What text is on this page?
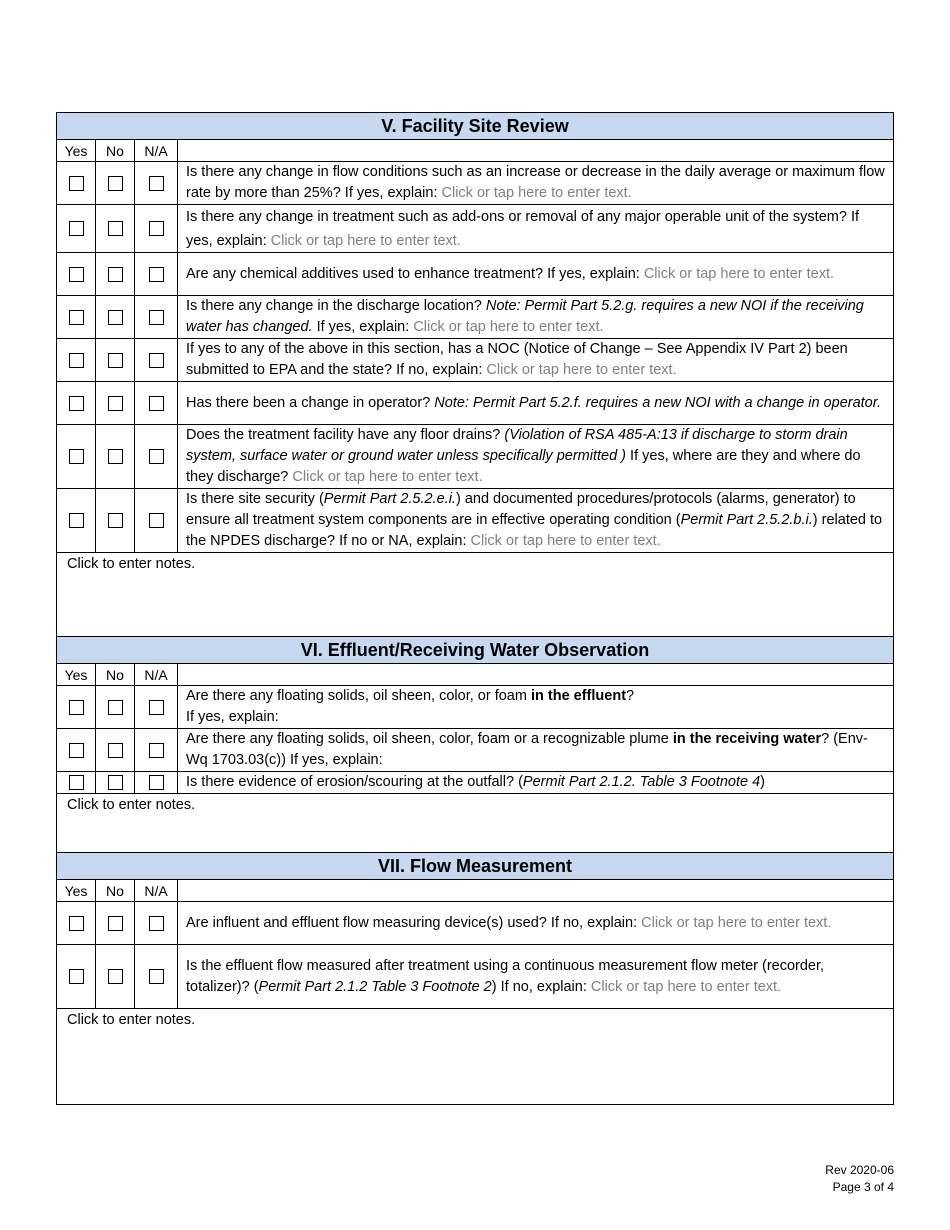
V. Facility Site Review
Yes	No	N/A
Is there any change in flow conditions such as an increase or decrease in the daily average or maximum flow rate by more than 25%? If yes, explain: Click or tap here to enter text.
Is there any change in treatment such as add-ons or removal of any major operable unit of the system? If yes, explain: Click or tap here to enter text.
Are any chemical additives used to enhance treatment? If yes, explain: Click or tap here to enter text.
Is there any change in the discharge location? Note: Permit Part 5.2.g. requires a new NOI if the receiving water has changed. If yes, explain: Click or tap here to enter text.
If yes to any of the above in this section, has a NOC (Notice of Change – See Appendix IV Part 2) been submitted to EPA and the state? If no, explain: Click or tap here to enter text.
Has there been a change in operator? Note: Permit Part 5.2.f. requires a new NOI with a change in operator.
Does the treatment facility have any floor drains? (Violation of RSA 485-A:13 if discharge to storm drain system, surface water or ground water unless specifically permitted ) If yes, where are they and where do they discharge? Click or tap here to enter text.
Is there site security (Permit Part 2.5.2.e.i.) and documented procedures/protocols (alarms, generator) to ensure all treatment system components are in effective operating condition (Permit Part 2.5.2.b.i.) related to the NPDES discharge? If no or NA, explain: Click or tap here to enter text.
Click to enter notes.
VI. Effluent/Receiving Water Observation
Yes	No	N/A
Are there any floating solids, oil sheen, color, or foam in the effluent?
If yes, explain:
Are there any floating solids, oil sheen, color, foam or a recognizable plume in the receiving water? (Env-Wq 1703.03(c)) If yes, explain:
Is there evidence of erosion/scouring at the outfall? (Permit Part 2.1.2. Table 3 Footnote 4)
Click to enter notes.
VII. Flow Measurement
Yes	No	N/A
Are influent and effluent flow measuring device(s) used? If no, explain: Click or tap here to enter text.
Is the effluent flow measured after treatment using a continuous measurement flow meter (recorder, totalizer)? (Permit Part 2.1.2 Table 3 Footnote 2) If no, explain: Click or tap here to enter text.
Click to enter notes.
Rev 2020-06
Page 3 of 4
